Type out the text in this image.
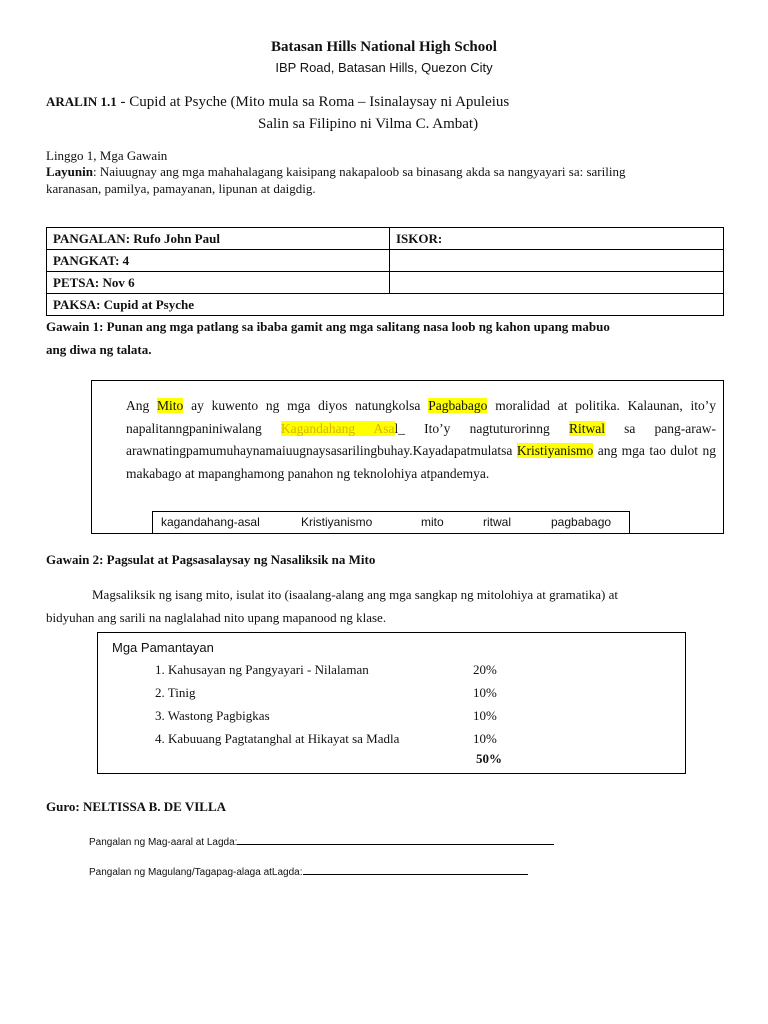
Batasan Hills National High School
IBP Road, Batasan Hills, Quezon City
ARALIN 1.1 - Cupid at Psyche (Mito mula sa Roma – Isinalaysay ni Apuleius
Salin sa Filipino ni Vilma C. Ambat)
Linggo 1, Mga Gawain
Layunin: Naiuugnay ang mga mahahalagang kaisipang nakapaloob sa binasang akda sa nangyayari sa: sariling
karanasan, pamilya, pamayanan, lipunan at daigdig.
PANGALAN: Rufo John Paul	ISKOR:
PANGKAT: 4	
PETSA: Nov 6	
PAKSA: Cupid at Psyche	
Gawain 1: Punan ang mga patlang sa ibaba gamit ang mga salitang nasa loob ng kahon upang mabuo
ang diwa ng talata.
Ang Mito ay kuwento ng mga diyos natungkolsa Pagbabago moralidad at politika. Kalaunan, ito’y napalitanngpaniniwalang Kagandahang Asal_ Ito’y nagtuturorinng Ritwal sa pang-araw-arawnatingpamumuhaynamaiuugnaysasarilingbuhay.Kayadapatmulatsa Kristiyanismo ang mga tao dulot ng makabago at mapanghamong panahon ng teknolohiya atpandemya.
kagandahang-asal	Kristiyanismo	mito	ritwal	pagbabago
Gawain 2: Pagsulat at Pagsasalaysay ng Nasaliksik na Mito
Magsaliksik ng isang mito, isulat ito (isaalang-alang ang mga sangkap ng mitolohiya at gramatika) at
bidyuhan ang sarili na naglalahad nito upang mapanood ng klase.
Mga Pamantayan
1. Kahusayan ng Pangyayari - Nilalaman	20%
2. Tinig	10%
3. Wastong Pagbigkas	10%
4. Kabuuang Pagtatanghal at Hikayat sa Madla	10%
50%
Guro: NELTISSA B. DE VILLA
Pangalan ng Mag-aaral at Lagda:
Pangalan ng Magulang/Tagapag-alaga atLagda:
